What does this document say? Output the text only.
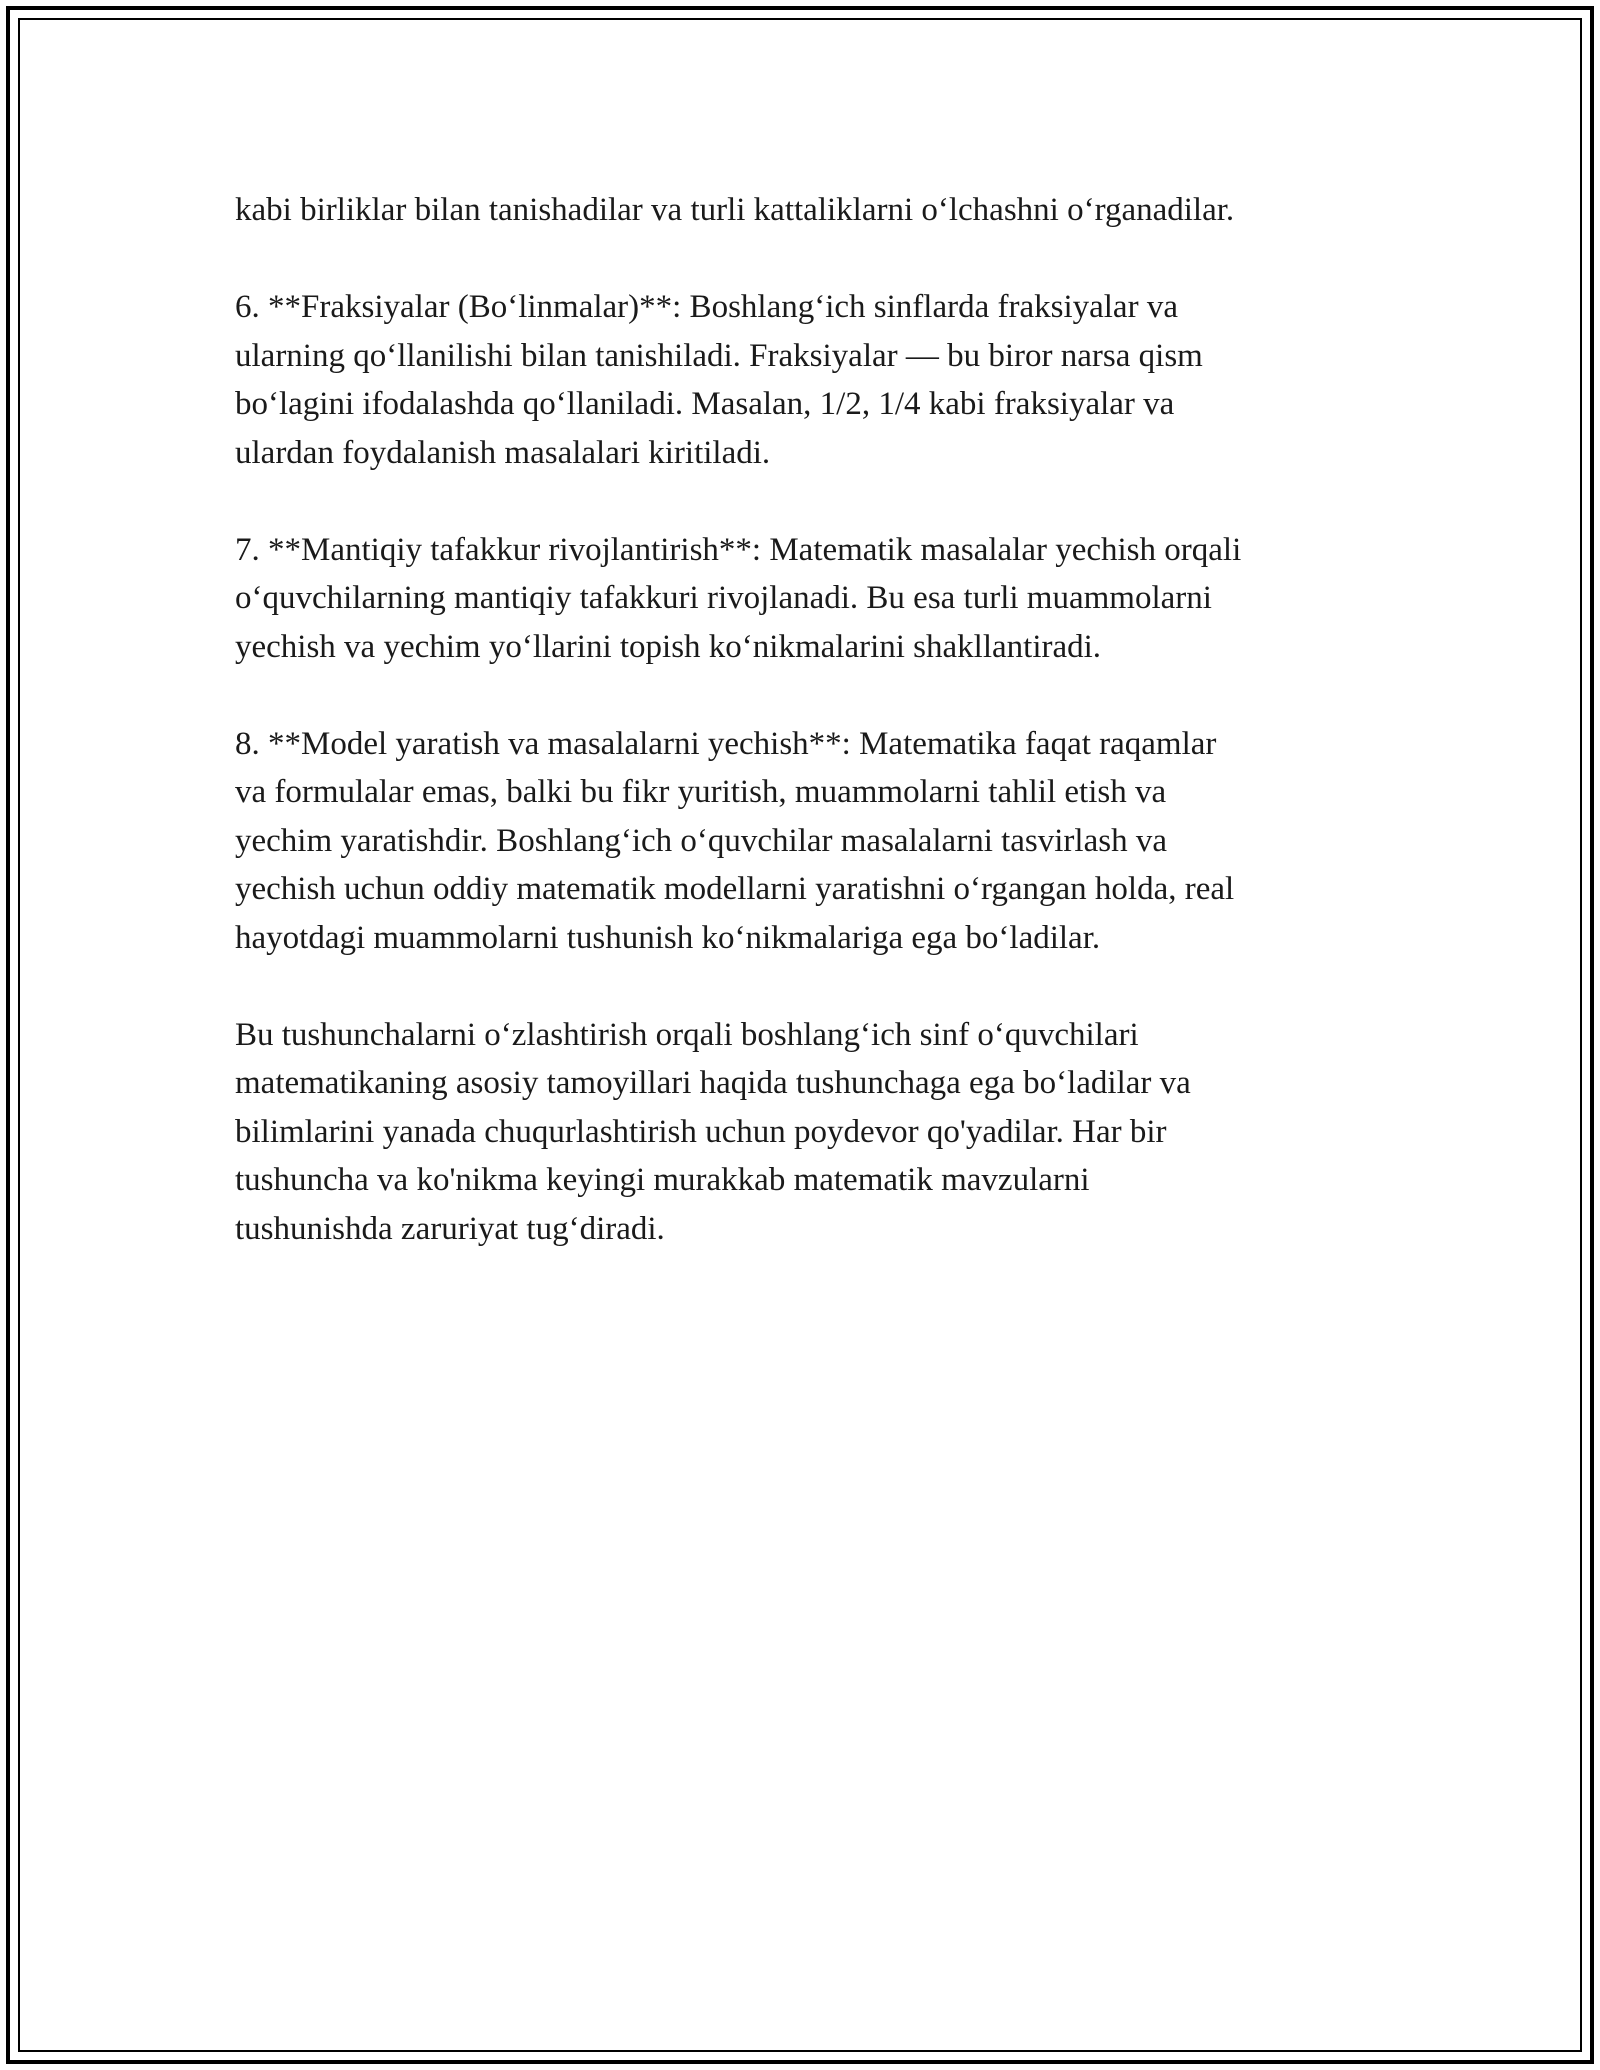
kabi birliklar bilan tanishadilar va turli kattaliklarni o‘lchashni o‘rganadilar.

6. **Fraksiyalar (Bo‘linmalar)**: Boshlang‘ich sinflarda fraksiyalar va
ularning qo‘llanilishi bilan tanishiladi. Fraksiyalar — bu biror narsa qism
bo‘lagini ifodalashda qo‘llaniladi. Masalan, 1/2, 1/4 kabi fraksiyalar va
ulardan foydalanish masalalari kiritiladi.

7. **Mantiqiy tafakkur rivojlantirish**: Matematik masalalar yechish orqali
o‘quvchilarning mantiqiy tafakkuri rivojlanadi. Bu esa turli muammolarni
yechish va yechim yo‘llarini topish ko‘nikmalarini shakllantiradi.

8. **Model yaratish va masalalarni yechish**: Matematika faqat raqamlar
va formulalar emas, balki bu fikr yuritish, muammolarni tahlil etish va
yechim yaratishdir. Boshlang‘ich o‘quvchilar masalalarni tasvirlash va
yechish uchun oddiy matematik modellarni yaratishni o‘rgangan holda, real
hayotdagi muammolarni tushunish ko‘nikmalariga ega bo‘ladilar.

Bu tushunchalarni o‘zlashtirish orqali boshlang‘ich sinf o‘quvchilari
matematikaning asosiy tamoyillari haqida tushunchaga ega bo‘ladilar va
bilimlarini yanada chuqurlashtirish uchun poydevor qo'yadilar. Har bir
tushuncha va ko'nikma keyingi murakkab matematik mavzularni
tushunishda zaruriyat tug‘diradi.
